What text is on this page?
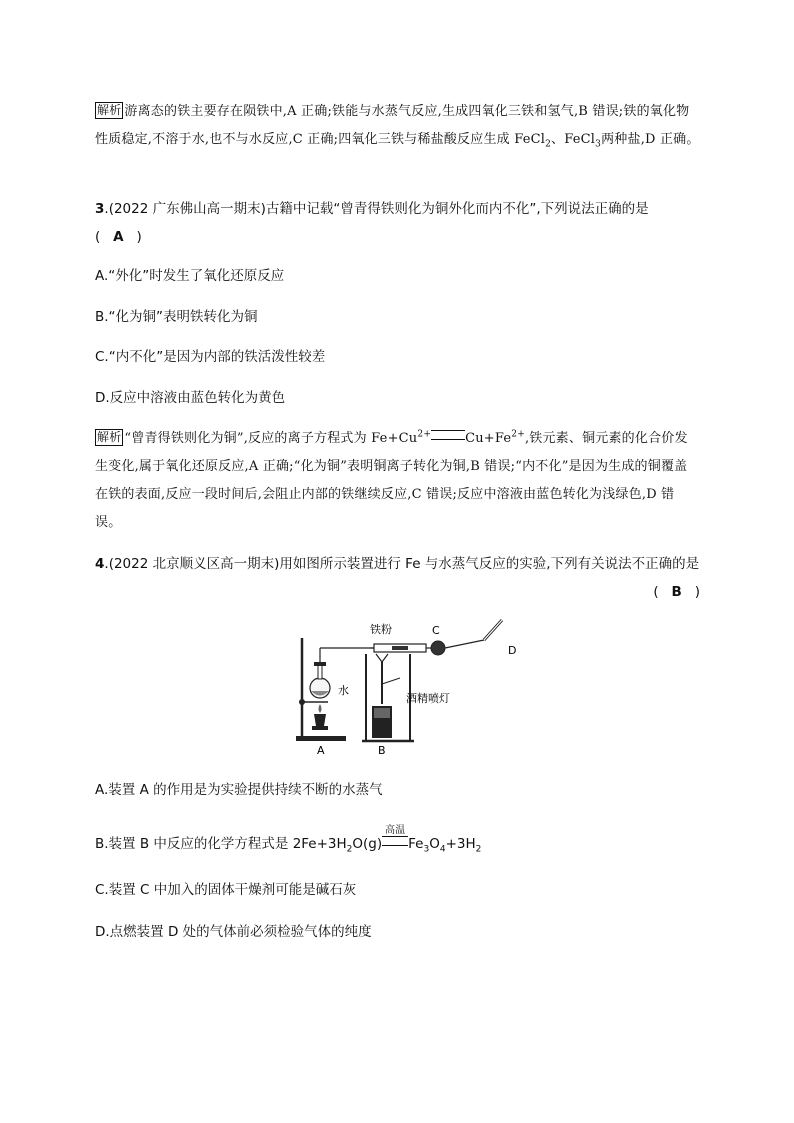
解析 游离态的铁主要存在陨铁中,A 正确;铁能与水蒸气反应,生成四氧化三铁和氢气,B 错误;铁的氧化物性质稳定,不溶于水,也不与水反应,C 正确;四氧化三铁与稀盐酸反应生成 FeCl$_2$、FeCl$_3$两种盐,D 正确。
3.(2022 广东佛山高一期末)古籍中记载“曾青得铁则化为铜外化而内不化”,下列说法正确的是
( A )
A.“外化”时发生了氧化还原反应
B.“化为铜”表明铁转化为铜
C.“内不化”是因为内部的铁活泼性较差
D.反应中溶液由蓝色转化为黄色
解析 “曾青得铁则化为铜”,反应的离子方程式为 $Fe+Cu^{2+}$	$Cu+Fe^{2+}$,铁元素、铜元素的化合价发生变化,属于氧化还原反应,A 正确;“化为铜”表明铜离子转化为铜,B 错误;“内不化”是因为生成的铜覆盖在铁的表面,反应一段时间后,会阻止内部的铁继续反应,C 错误;反应中溶液由蓝色转化为浅绿色,D 错误。
4.(2022 北京顺义区高一期末)用如图所示装置进行 Fe 与水蒸气反应的实验,下列有关说法不正确的是
( B )
铁粉	C
D
水
酒精喷灯
A	B
A.装置 A 的作用是为实验提供持续不断的水蒸气
B.装置 B 中反应的化学方程式是 $2Fe+3H_2O(g)$
高温
$Fe_3O_4+3H_2$
C.装置 C 中加入的固体干燥剂可能是碱石灰
D.点燃装置 D 处的气体前必须检验气体的纯度
